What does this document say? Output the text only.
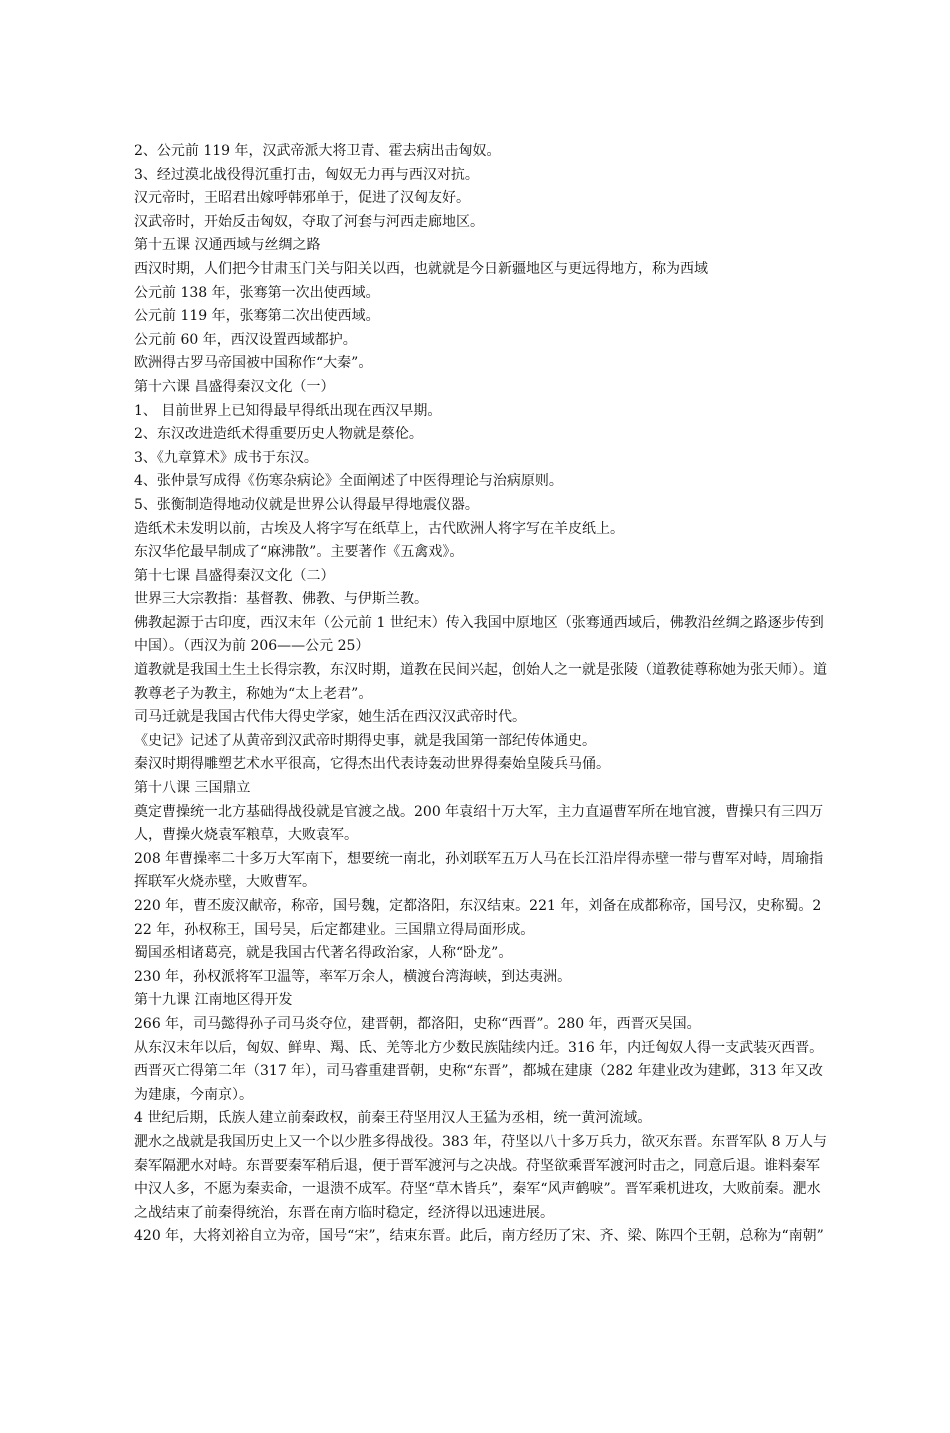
2、公元前 119 年，汉武帝派大将卫青、霍去病出击匈奴。

3、经过漠北战役得沉重打击，匈奴无力再与西汉对抗。

汉元帝时，王昭君出嫁呼韩邪单于，促进了汉匈友好。

汉武帝时，开始反击匈奴，夺取了河套与河西走廊地区。

第十五课 汉通西域与丝绸之路

西汉时期，人们把今甘肃玉门关与阳关以西，也就就是今日新疆地区与更远得地方，称为西域

公元前 138 年，张骞第一次出使西域。

公元前 119 年，张骞第二次出使西域。

公元前 60 年，西汉设置西域都护。

欧洲得古罗马帝国被中国称作“大秦”。

第十六课 昌盛得秦汉文化（一）

1、 目前世界上已知得最早得纸出现在西汉早期。

2、东汉改进造纸术得重要历史人物就是蔡伦。

3、《九章算术》成书于东汉。

4、张仲景写成得《伤寒杂病论》全面阐述了中医得理论与治病原则。

5、张衡制造得地动仪就是世界公认得最早得地震仪器。

造纸术未发明以前，古埃及人将字写在纸草上，古代欧洲人将字写在羊皮纸上。

东汉华佗最早制成了“麻沸散”。主要著作《五禽戏》。

第十七课 昌盛得秦汉文化（二）

世界三大宗教指：基督教、佛教、与伊斯兰教。

佛教起源于古印度，西汉末年（公元前 1 世纪末）传入我国中原地区（张骞通西域后，佛教沿丝绸之路逐步传到中国）。（西汉为前 206——公元 25）

道教就是我国土生土长得宗教，东汉时期，道教在民间兴起，创始人之一就是张陵（道教徒尊称她为张天师）。道教尊老子为教主，称她为“太上老君”。

司马迁就是我国古代伟大得史学家，她生活在西汉汉武帝时代。

《史记》记述了从黄帝到汉武帝时期得史事，就是我国第一部纪传体通史。

秦汉时期得雕塑艺术水平很高，它得杰出代表诗轰动世界得秦始皇陵兵马俑。

第十八课 三国鼎立

奠定曹操统一北方基础得战役就是官渡之战。200 年袁绍十万大军，主力直逼曹军所在地官渡，曹操只有三四万人，曹操火烧袁军粮草，大败袁军。

208 年曹操率二十多万大军南下，想要统一南北，孙刘联军五万人马在长江沿岸得赤壁一带与曹军对峙，周瑜指挥联军火烧赤壁，大败曹军。

220 年，曹丕废汉献帝，称帝，国号魏，定都洛阳，东汉结束。221 年，刘备在成都称帝，国号汉，史称蜀。222 年，孙权称王，国号吴，后定都建业。三国鼎立得局面形成。

蜀国丞相诸葛亮，就是我国古代著名得政治家，人称“卧龙”。

230 年，孙权派将军卫温等，率军万余人，横渡台湾海峡，到达夷洲。

第十九课 江南地区得开发

266 年，司马懿得孙子司马炎夺位，建晋朝，都洛阳，史称“西晋”。280 年，西晋灭吴国。

从东汉末年以后，匈奴、鲜卑、羯、氐、羌等北方少数民族陆续内迁。316 年，内迁匈奴人得一支武装灭西晋。

西晋灭亡得第二年（317 年），司马睿重建晋朝，史称“东晋”，都城在建康（282 年建业改为建邺，313 年又改为建康，今南京）。

4 世纪后期，氐族人建立前秦政权，前秦王苻坚用汉人王猛为丞相，统一黄河流域。

淝水之战就是我国历史上又一个以少胜多得战役。383 年，苻坚以八十多万兵力，欲灭东晋。东晋军队 8 万人与秦军隔淝水对峙。东晋要秦军稍后退，便于晋军渡河与之决战。苻坚欲乘晋军渡河时击之，同意后退。谁料秦军中汉人多，不愿为秦卖命，一退溃不成军。苻坚“草木皆兵”，秦军“风声鹤唳”。晋军乘机进攻，大败前秦。淝水之战结束了前秦得统治，东晋在南方临时稳定，经济得以迅速进展。

420 年，大将刘裕自立为帝，国号“宋”，结束东晋。此后，南方经历了宋、齐、梁、陈四个王朝，总称为“南朝”
